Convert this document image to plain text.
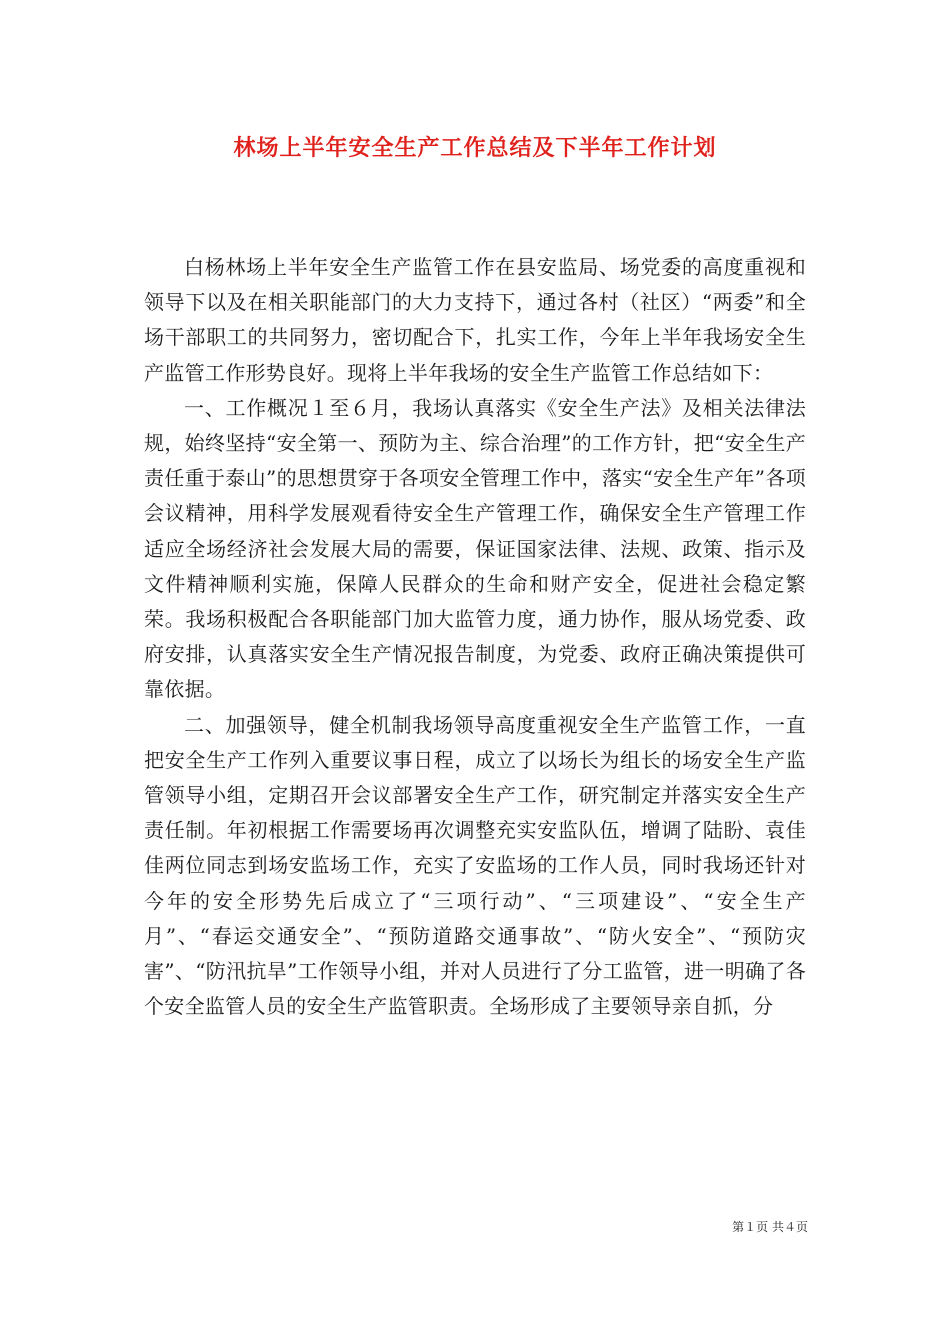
林场上半年安全生产工作总结及下半年工作计划

白杨林场上半年安全生产监管工作在县安监局、场党委的高度重视和领导下以及在相关职能部门的大力支持下，通过各村（社区）“两委”和全场干部职工的共同努力，密切配合下，扎实工作，今年上半年我场安全生产监管工作形势良好。现将上半年我场的安全生产监管工作总结如下：

一、工作概况１至６月，我场认真落实《安全生产法》及相关法律法规，始终坚持“安全第一、预防为主、综合治理”的工作方针，把“安全生产责任重于泰山”的思想贯穿于各项安全管理工作中，落实“安全生产年”各项会议精神，用科学发展观看待安全生产管理工作，确保安全生产管理工作适应全场经济社会发展大局的需要，保证国家法律、法规、政策、指示及文件精神顺利实施，保障人民群众的生命和财产安全，促进社会稳定繁荣。我场积极配合各职能部门加大监管力度，通力协作，服从场党委、政府安排，认真落实安全生产情况报告制度，为党委、政府正确决策提供可靠依据。

二、加强领导，健全机制我场领导高度重视安全生产监管工作，一直把安全生产工作列入重要议事日程，成立了以场长为组长的场安全生产监管领导小组，定期召开会议部署安全生产工作，研究制定并落实安全生产责任制。年初根据工作需要场再次调整充实安监队伍，增调了陆盼、袁佳佳两位同志到场安监场工作，充实了安监场的工作人员，同时我场还针对今年的安全形势先后成立了“三项行动”、“三项建设”、“安全生产月”、“春运交通安全”、“预防道路交通事故”、“防火安全”、“预防灾害”、“防汛抗旱”工作领导小组，并对人员进行了分工监管，进一明确了各个安全监管人员的安全生产监管职责。全场形成了主要领导亲自抓，分

第１页 共４页
